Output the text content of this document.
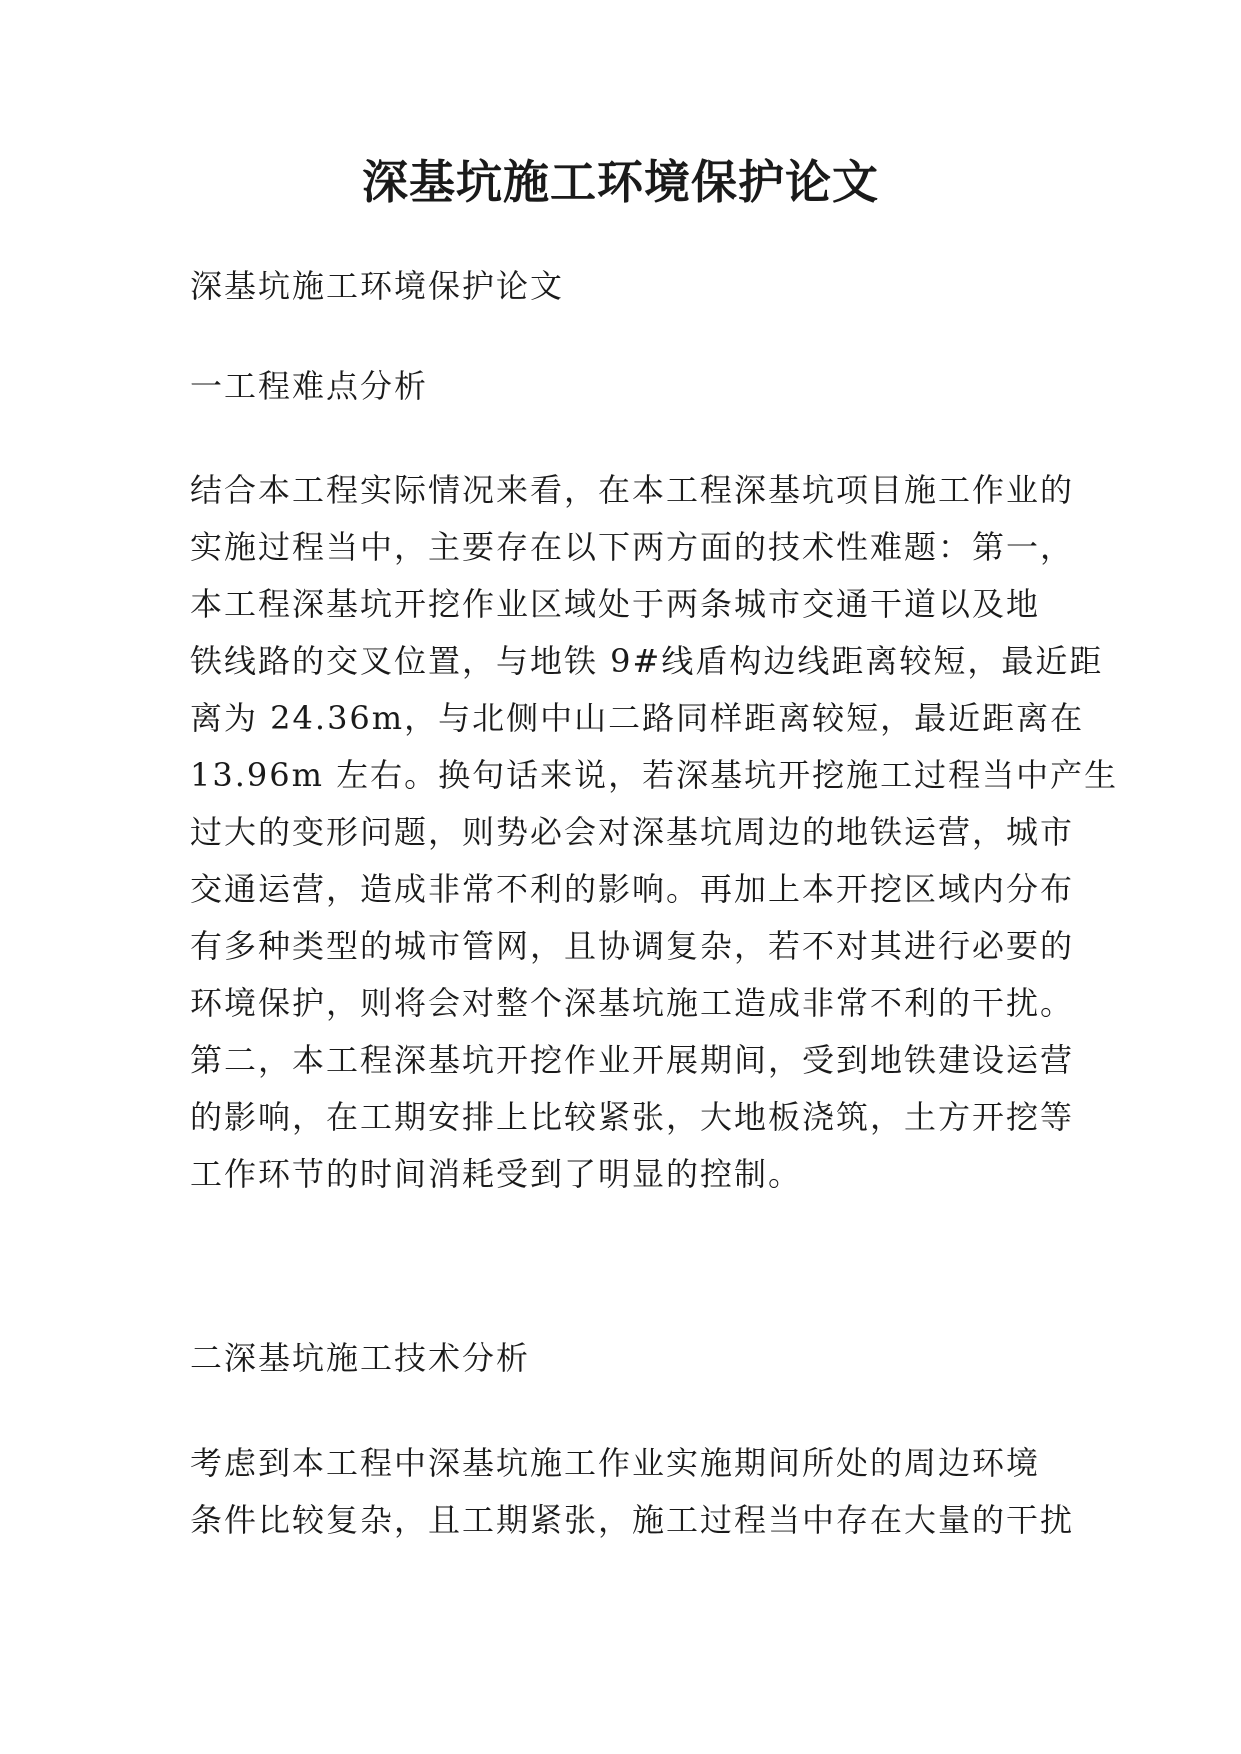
深基坑施工环境保护论文

深基坑施工环境保护论文

一工程难点分析

结合本工程实际情况来看，在本工程深基坑项目施工作业的
实施过程当中，主要存在以下两方面的技术性难题：第一，
本工程深基坑开挖作业区域处于两条城市交通干道以及地
铁线路的交叉位置，与地铁 9#线盾构边线距离较短，最近距
离为 24.36m，与北侧中山二路同样距离较短，最近距离在
13.96m 左右。换句话来说，若深基坑开挖施工过程当中产生
过大的变形问题，则势必会对深基坑周边的地铁运营，城市
交通运营，造成非常不利的影响。再加上本开挖区域内分布
有多种类型的城市管网，且协调复杂，若不对其进行必要的
环境保护，则将会对整个深基坑施工造成非常不利的干扰。
第二，本工程深基坑开挖作业开展期间，受到地铁建设运营
的影响，在工期安排上比较紧张，大地板浇筑，土方开挖等
工作环节的时间消耗受到了明显的控制。

二深基坑施工技术分析

考虑到本工程中深基坑施工作业实施期间所处的周边环境
条件比较复杂，且工期紧张，施工过程当中存在大量的干扰
